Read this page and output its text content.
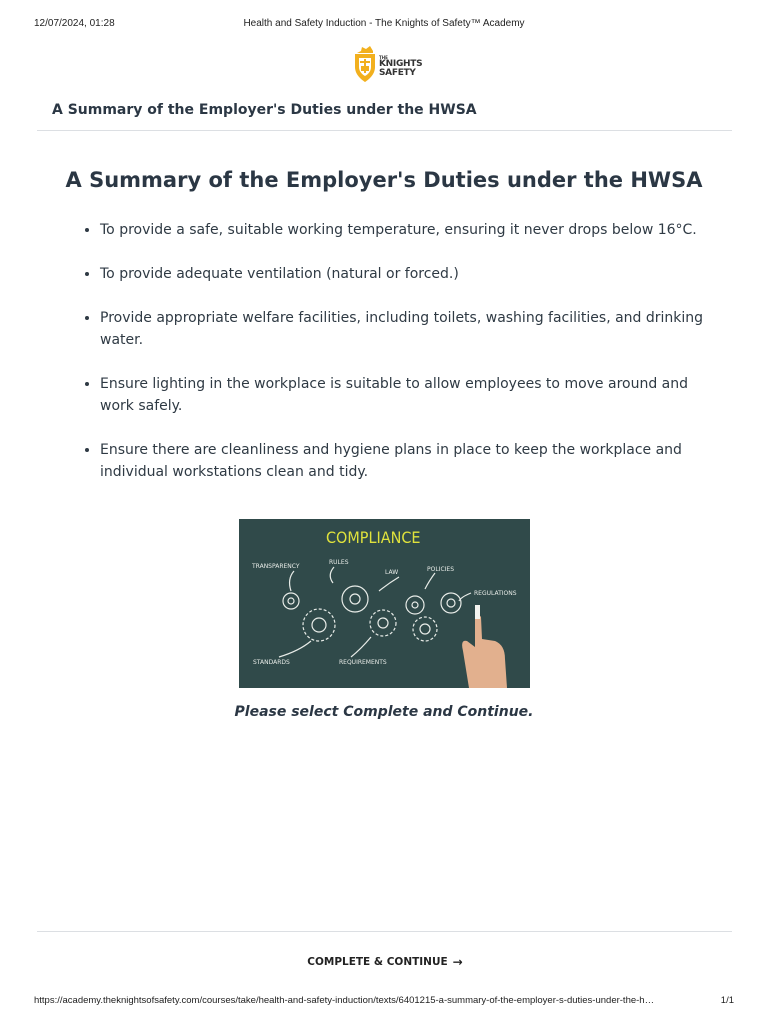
12/07/2024, 01:28	Health and Safety Induction - The Knights of Safety™ Academy
THE
KNIGHTS
SAFETY
A Summary of the Employer's Duties under the HWSA
A Summary of the Employer's Duties under the HWSA
To provide a safe, suitable working temperature, ensuring it never drops below 16°C.
To provide adequate ventilation (natural or forced.)
Provide appropriate welfare facilities, including toilets, washing facilities, and drinking water.
Ensure lighting in the workplace is suitable to allow employees to move around and work safely.
Ensure there are cleanliness and hygiene plans in place to keep the workplace and individual workstations clean and tidy.
COMPLIANCE
TRANSPARENCY
RULES
LAW	POLICIES
REGULATIONS
STANDARDS	REQUIREMENTS

Please select Complete and Continue.

COMPLETE & CONTINUE →
https://academy.theknightsofsafety.com/courses/take/health-and-safety-induction/texts/6401215-a-summary-of-the-employer-s-duties-under-the-h…	1/1
